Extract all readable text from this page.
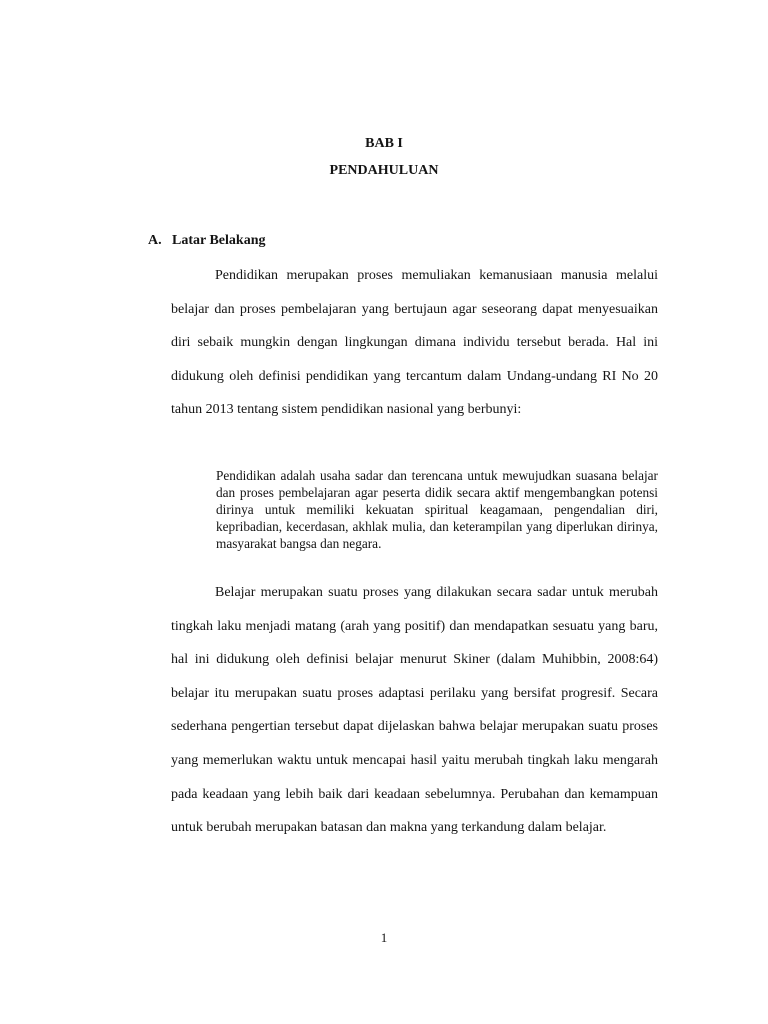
BAB I
PENDAHULUAN
A. Latar Belakang

Pendidikan merupakan proses memuliakan kemanusiaan manusia melalui belajar dan proses pembelajaran yang bertujaun agar seseorang dapat menyesuaikan diri sebaik mungkin dengan lingkungan dimana individu tersebut berada. Hal ini didukung oleh definisi pendidikan yang tercantum dalam Undang-undang RI No 20 tahun 2013 tentang sistem pendidikan nasional yang berbunyi:

Pendidikan adalah usaha sadar dan terencana untuk mewujudkan suasana belajar dan proses pembelajaran agar peserta didik secara aktif mengembangkan potensi dirinya untuk memiliki kekuatan spiritual keagamaan, pengendalian diri, kepribadian, kecerdasan, akhlak mulia, dan keterampilan yang diperlukan dirinya, masyarakat bangsa dan negara.

Belajar merupakan suatu proses yang dilakukan secara sadar untuk merubah tingkah laku menjadi matang (arah yang positif) dan mendapatkan sesuatu yang baru, hal ini didukung oleh definisi belajar menurut Skiner (dalam Muhibbin, 2008:64) belajar itu merupakan suatu proses adaptasi perilaku yang bersifat progresif. Secara sederhana pengertian tersebut dapat dijelaskan bahwa belajar merupakan suatu proses yang memerlukan waktu untuk mencapai hasil yaitu merubah tingkah laku mengarah pada keadaan yang lebih baik dari keadaan sebelumnya. Perubahan dan kemampuan untuk berubah merupakan batasan dan makna yang terkandung dalam belajar.

1
